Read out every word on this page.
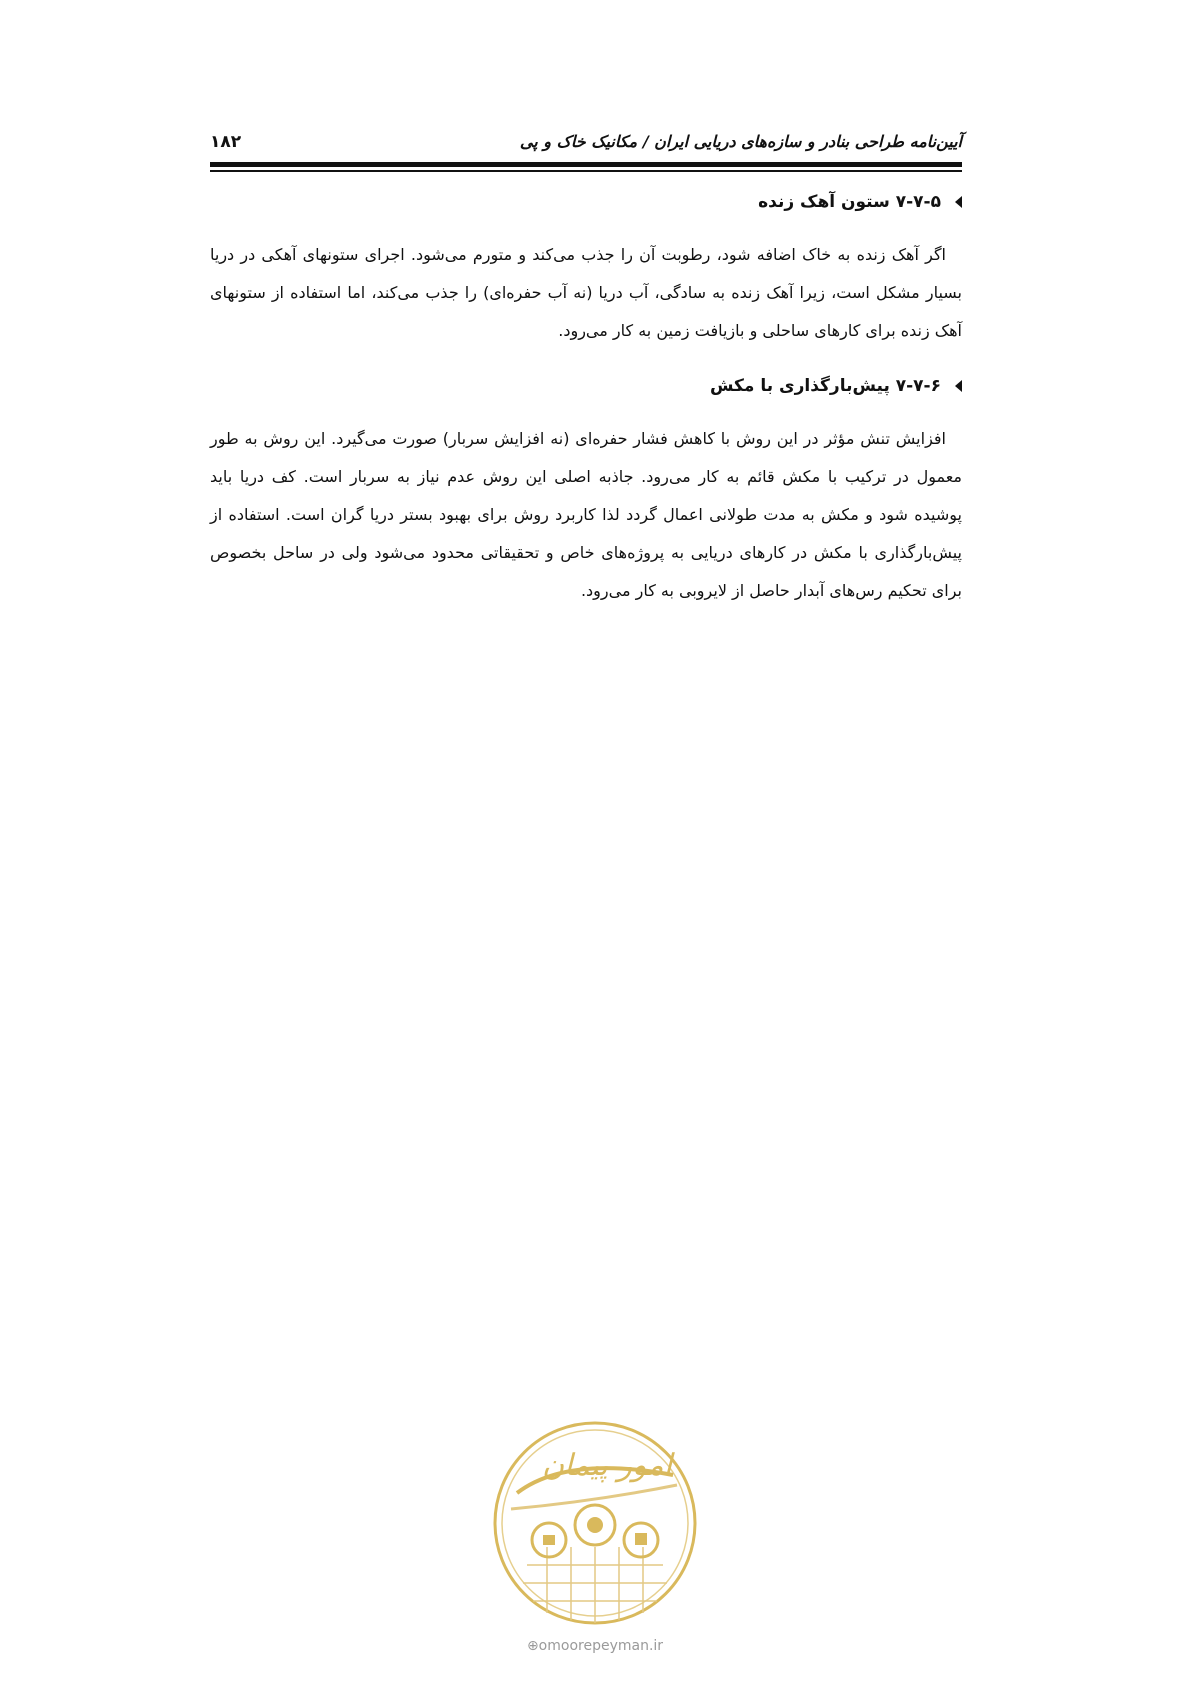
آیین‌نامه طراحی بنادر و سازه‌های دریایی ایران / مکانیک خاک و پی
۱۸۲
۷-۷-۵ ستون آهک زنده

اگر آهک زنده به خاک اضافه شود، رطوبت آن را جذب می‌کند و متورم می‌شود. اجرای ستونهای آهکی در دریا بسیار مشکل است، زیرا آهک زنده به سادگی، آب دریا (نه آب حفره‌ای) را جذب می‌کند، اما استفاده از ستونهای آهک زنده برای کارهای ساحلی و بازیافت زمین به کار می‌رود.

۷-۷-۶ پیش‌بارگذاری با مکش

افزایش تنش مؤثر در این روش با کاهش فشار حفره‌ای (نه افزایش سربار) صورت می‌گیرد. این روش به طور معمول در ترکیب با مکش قائم به کار می‌رود. جاذبه اصلی این روش عدم نیاز به سربار است. کف دریا باید پوشیده شود و مکش به مدت طولانی اعمال گردد لذا کاربرد روش برای بهبود بستر دریا گران است. استفاده از پیش‌بارگذاری با مکش در کارهای دریایی به پروژه‌های خاص و تحقیقاتی محدود می‌شود ولی در ساحل بخصوص برای تحکیم رس‌های آبدار حاصل از لایروبی به کار می‌رود.

امور پیمان
⊕omoorepeyman.ir
